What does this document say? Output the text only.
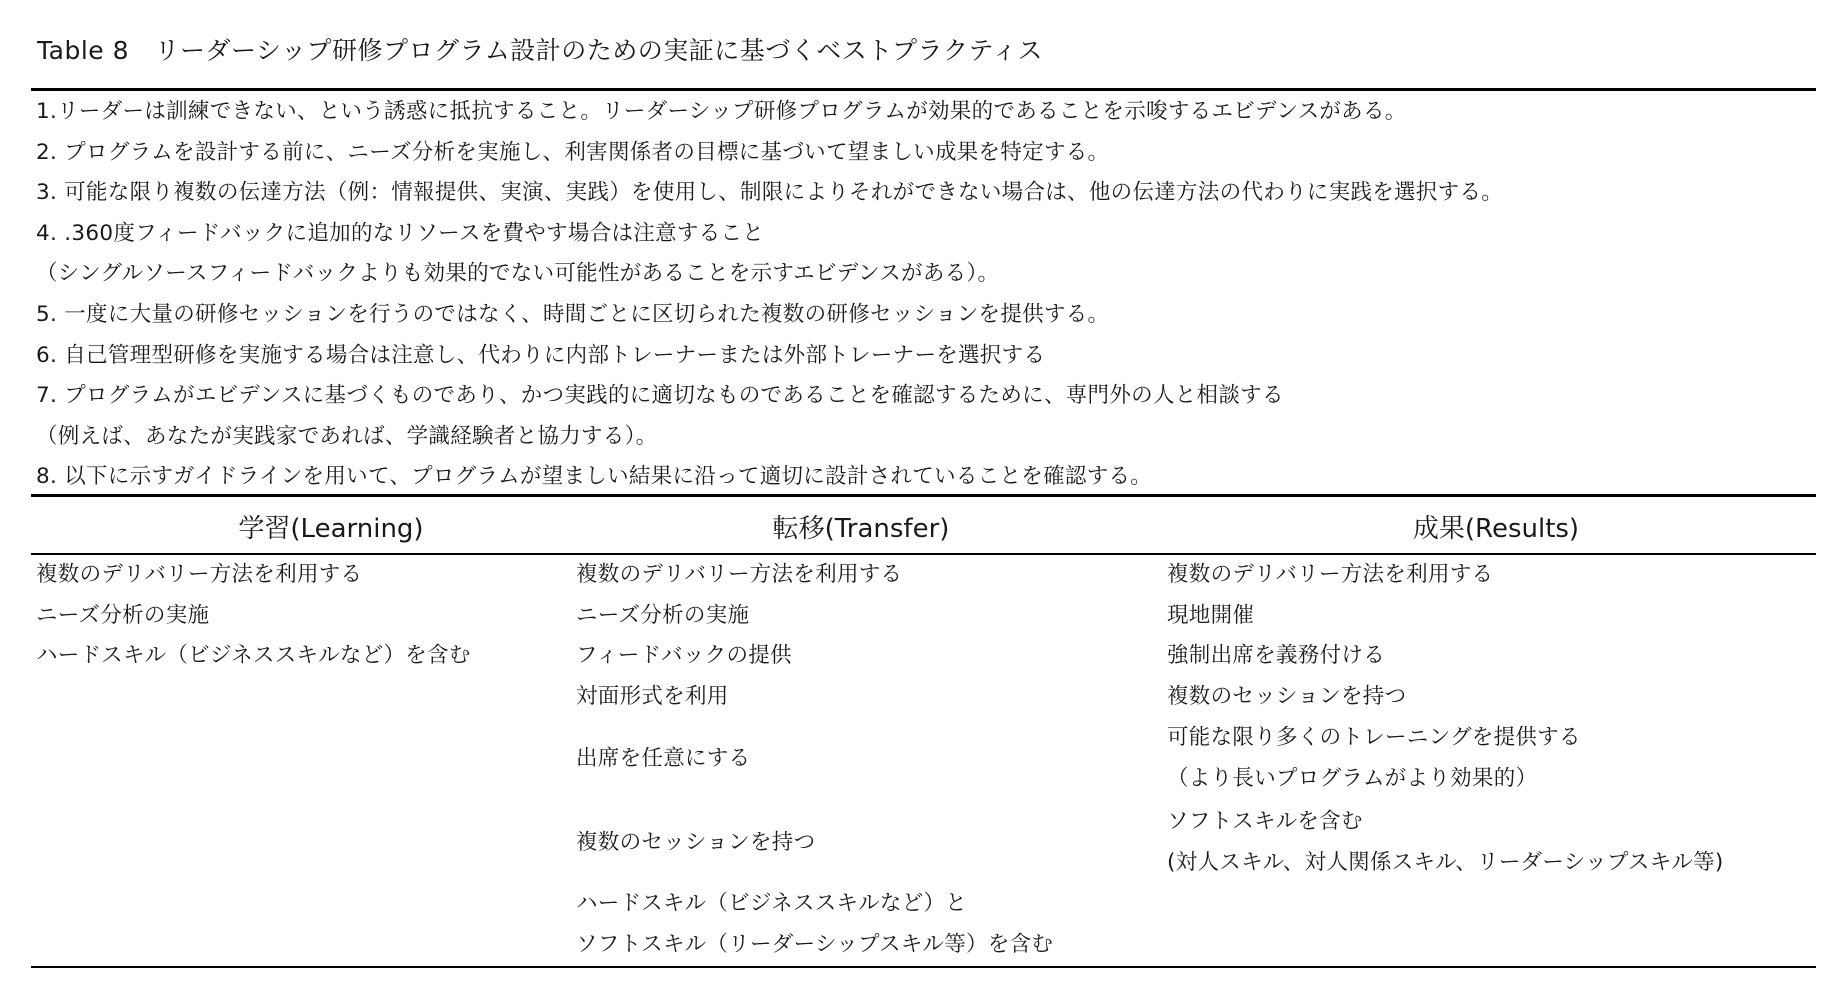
Table 8　リーダーシップ研修プログラム設計のための実証に基づくベストプラクティス
1.リーダーは訓練できない、という誘惑に抵抗すること。リーダーシップ研修プログラムが効果的であることを示唆するエビデンスがある。
2. プログラムを設計する前に、ニーズ分析を実施し、利害関係者の目標に基づいて望ましい成果を特定する。
3. 可能な限り複数の伝達方法（例：情報提供、実演、実践）を使用し、制限によりそれができない場合は、他の伝達方法の代わりに実践を選択する。
4. .360度フィードバックに追加的なリソースを費やす場合は注意すること
（シングルソースフィードバックよりも効果的でない可能性があることを示すエビデンスがある）。
5. 一度に大量の研修セッションを行うのではなく、時間ごとに区切られた複数の研修セッションを提供する。
6. 自己管理型研修を実施する場合は注意し、代わりに内部トレーナーまたは外部トレーナーを選択する
7. プログラムがエビデンスに基づくものであり、かつ実践的に適切なものであることを確認するために、専門外の人と相談する
（例えば、あなたが実践家であれば、学識経験者と協力する）。
8. 以下に示すガイドラインを用いて、プログラムが望ましい結果に沿って適切に設計されていることを確認する。
学習(Learning)	転移(Transfer)	成果(Results)
複数のデリバリー方法を利用する
ニーズ分析の実施
ハードスキル（ビジネススキルなど）を含む
複数のデリバリー方法を利用する
ニーズ分析の実施
フィードバックの提供
対面形式を利用
出席を任意にする
複数のセッションを持つ
ハードスキル（ビジネススキルなど）と
ソフトスキル（リーダーシップスキル等）を含む
複数のデリバリー方法を利用する
現地開催
強制出席を義務付ける
複数のセッションを持つ
可能な限り多くのトレーニングを提供する
（より長いプログラムがより効果的）
ソフトスキルを含む
(対人スキル、対人関係スキル、リーダーシップスキル等)
